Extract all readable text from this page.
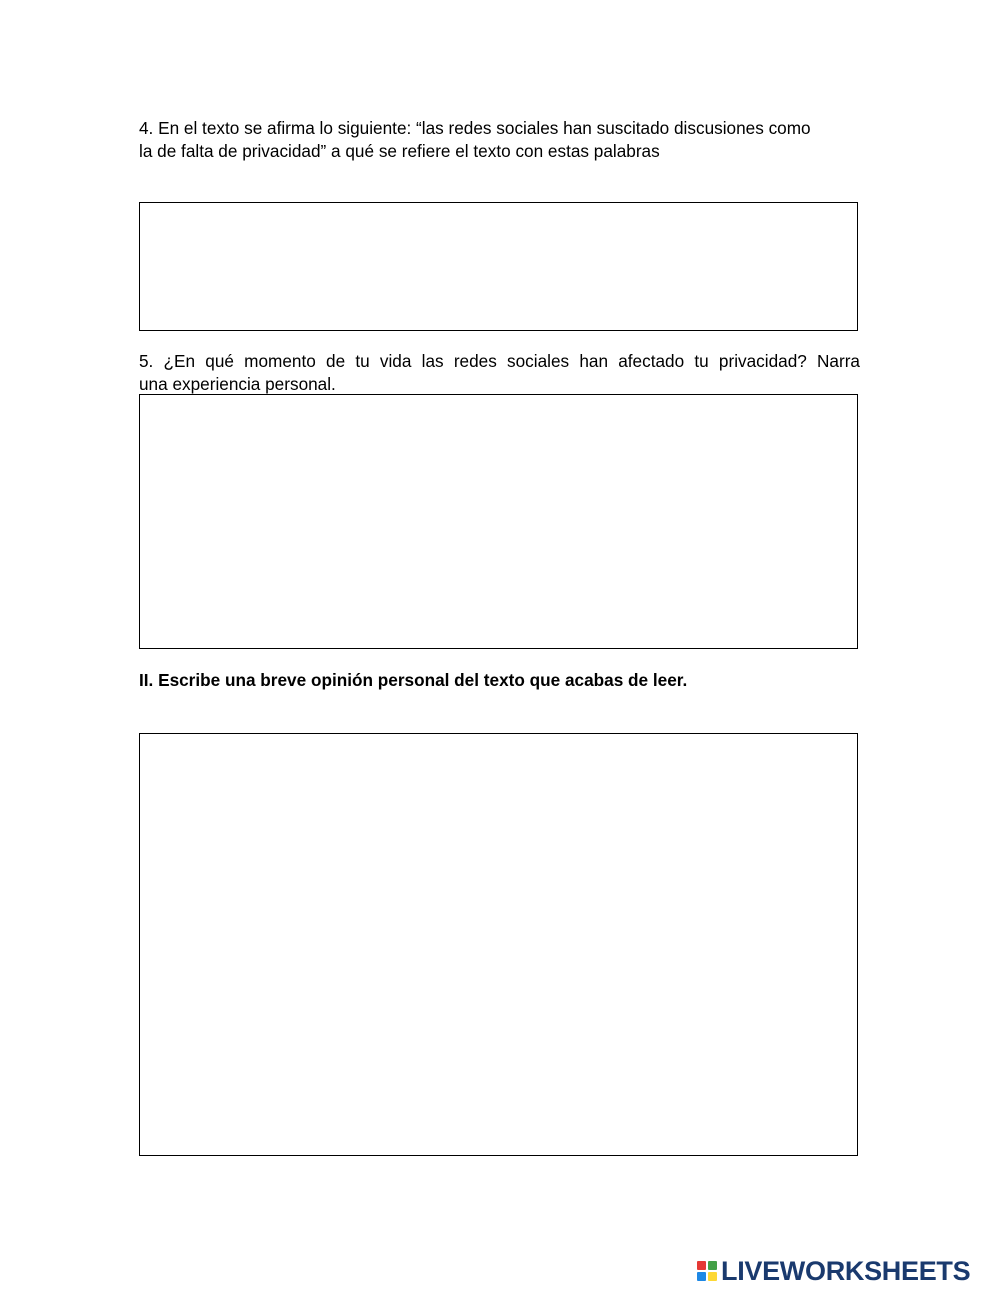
4. En el texto se afirma lo siguiente: “las redes sociales han suscitado discusiones como
la de falta de privacidad” a qué se refiere el texto con estas palabras

5. ¿En qué momento de tu vida las redes sociales han afectado tu privacidad? Narra
una experiencia personal.

II. Escribe una breve opinión personal del texto que acabas de leer.

LIVEWORKSHEETS
